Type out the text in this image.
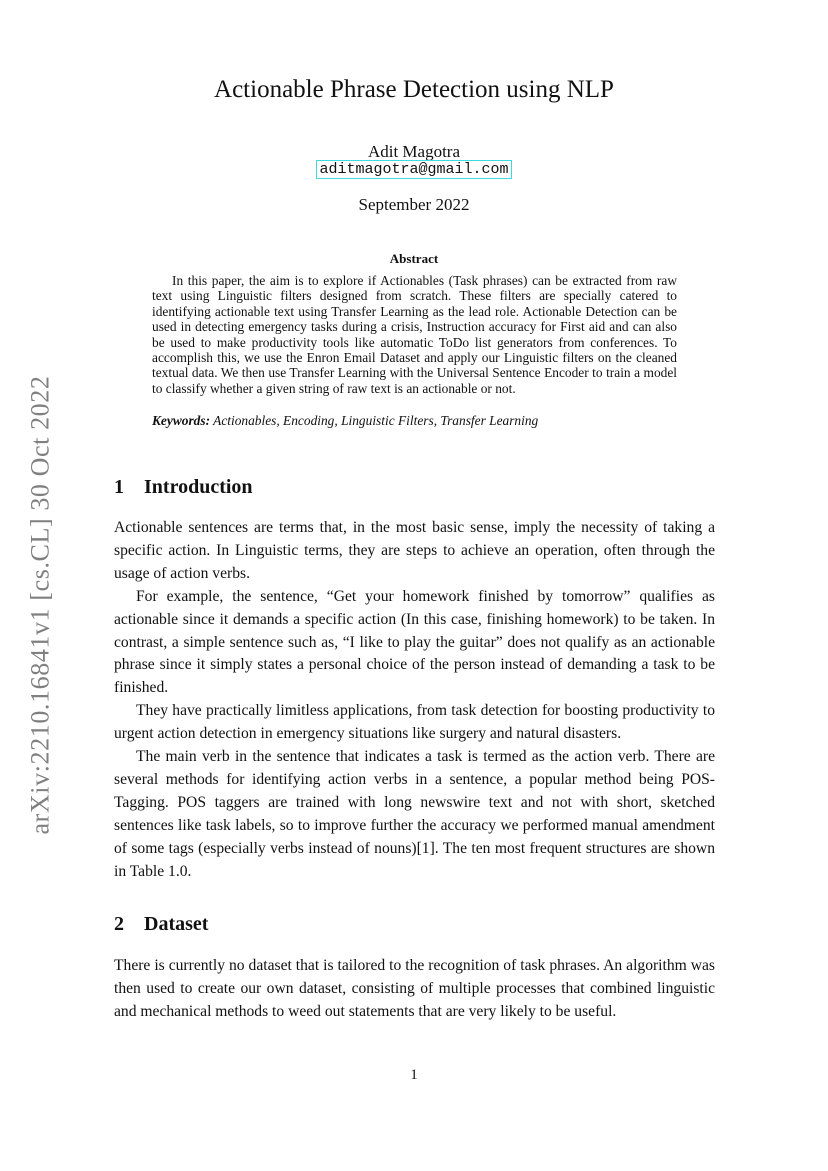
arXiv:2210.16841v1 [cs.CL] 30 Oct 2022
Actionable Phrase Detection using NLP
Adit Magotra
aditmagotra@gmail.com
September 2022
Abstract

In this paper, the aim is to explore if Actionables (Task phrases) can be extracted from raw text using Linguistic filters designed from scratch. These filters are specially catered to identifying actionable text using Transfer Learning as the lead role. Actionable Detection can be used in detecting emergency tasks during a crisis, Instruction accuracy for First aid and can also be used to make productivity tools like automatic ToDo list generators from conferences. To accomplish this, we use the Enron Email Dataset and apply our Linguistic filters on the cleaned textual data. We then use Transfer Learning with the Universal Sentence Encoder to train a model to classify whether a given string of raw text is an actionable or not.

Keywords: Actionables, Encoding, Linguistic Filters, Transfer Learning
1 Introduction

Actionable sentences are terms that, in the most basic sense, imply the necessity of taking a specific action. In Linguistic terms, they are steps to achieve an operation, often through the usage of action verbs.

For example, the sentence, “Get your homework finished by tomorrow” qualifies as actionable since it demands a specific action (In this case, finishing homework) to be taken. In contrast, a simple sentence such as, “I like to play the guitar” does not qualify as an actionable phrase since it simply states a personal choice of the person instead of demanding a task to be finished.

They have practically limitless applications, from task detection for boosting productivity to urgent action detection in emergency situations like surgery and natural disasters.

The main verb in the sentence that indicates a task is termed as the action verb. There are several methods for identifying action verbs in a sentence, a popular method being POS-Tagging. POS taggers are trained with long newswire text and not with short, sketched sentences like task labels, so to improve further the accuracy we performed manual amendment of some tags (especially verbs instead of nouns)[1]. The ten most frequent structures are shown in Table 1.0.

2 Dataset

There is currently no dataset that is tailored to the recognition of task phrases. An algorithm was then used to create our own dataset, consisting of multiple processes that combined linguistic and mechanical methods to weed out statements that are very likely to be useful.

1
